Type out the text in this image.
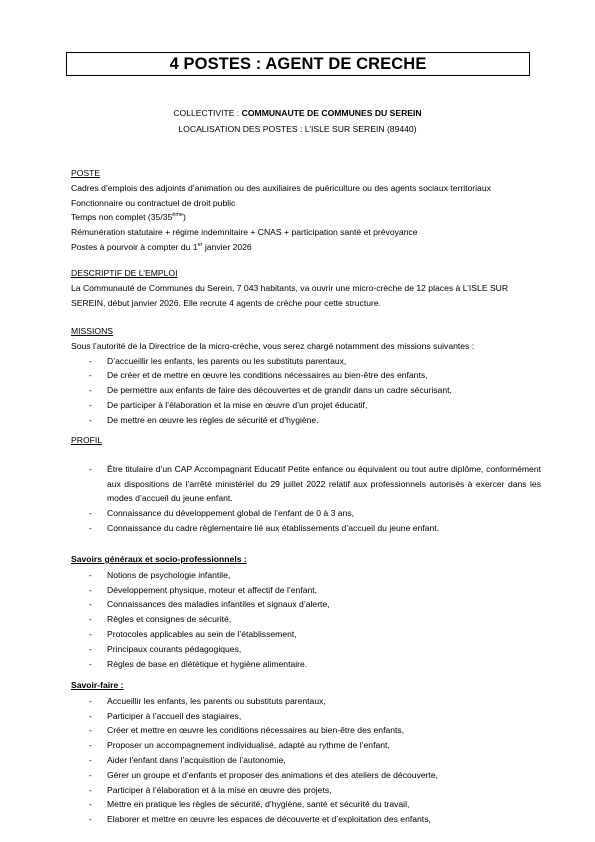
4 POSTES : AGENT DE CRECHE
COLLECTIVITE : COMMUNAUTE DE COMMUNES DU SEREIN
LOCALISATION DES POSTES : L’ISLE SUR SEREIN (89440)

POSTE

Cadres d’emplois des adjoints d’animation ou des auxiliaires de puériculture ou des agents sociaux territoriaux

Fonctionnaire ou contractuel de droit public

Temps non complet (35/35ème)

Rémunération statutaire + régime indemnitaire + CNAS + participation santé et prévoyance

Postes à pourvoir à compter du 1er janvier 2026

DESCRIPTIF DE L’EMPLOI

La Communauté de Communes du Serein, 7 043 habitants, va ouvrir une micro-crèche de 12 places à L’ISLE SUR SEREIN, début janvier 2026. Elle recrute 4 agents de crèche pour cette structure.

MISSIONS

Sous l’autorité de la Directrice de la micro-crèche, vous serez chargé notamment des missions suivantes :

- D’accueillir les enfants, les parents ou les substituts parentaux,
- De créer et de mettre en œuvre les conditions nécessaires au bien-être des enfants,
- De permettre aux enfants de faire des découvertes et de grandir dans un cadre sécurisant,
- De participer à l’élaboration et la mise en œuvre d’un projet éducatif,
- De mettre en œuvre les règles de sécurité et d’hygiène.

PROFIL

- Être titulaire d’un CAP Accompagnant Educatif Petite enfance ou équivalent ou tout autre diplôme, conformément aux dispositions de l’arrêté ministériel du 29 juillet 2022 relatif aux professionnels autorisés à exercer dans les modes d’accueil du jeune enfant.
- Connaissance du développement global de l’enfant de 0 à 3 ans,
- Connaissance du cadre règlementaire lié aux établissements d’accueil du jeune enfant.

Savoirs généraux et socio-professionnels :

- Notions de psychologie infantile,
- Développement physique, moteur et affectif de l’enfant,
- Connaissances des maladies infantiles et signaux d’alerte,
- Règles et consignes de sécurité,
- Protocoles applicables au sein de l’établissement,
- Principaux courants pédagogiques,
- Règles de base en diététique et hygiène alimentaire.

Savoir-faire :

- Accueillir les enfants, les parents ou substituts parentaux,
- Participer à l’accueil des stagiaires,
- Créer et mettre en œuvre les conditions nécessaires au bien-être des enfants,
- Proposer un accompagnement individualisé, adapté au rythme de l’enfant,
- Aider l’enfant dans l’acquisition de l’autonomie,
- Gérer un groupe et d’enfants et proposer des animations et des ateliers de découverte,
- Participer à l’élaboration et à la mise en œuvre des projets,
- Mettre en pratique les règles de sécurité, d’hygiène, santé et sécurité du travail,
- Elaborer et mettre en œuvre les espaces de découverte et d’exploitation des enfants,
